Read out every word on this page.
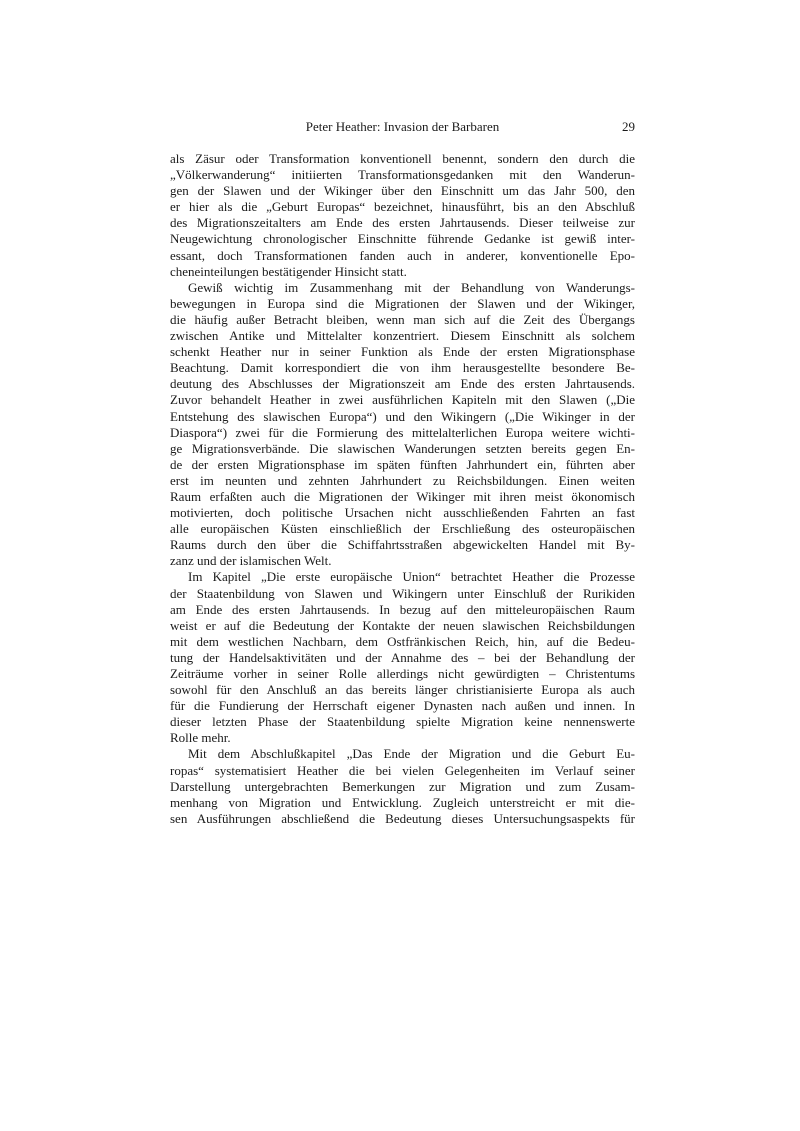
Peter Heather: Invasion der Barbaren	29
als Zäsur oder Transformation konventionell benennt, sondern den durch die
„Völkerwanderung“ initiierten Transformationsgedanken mit den Wanderun-
gen der Slawen und der Wikinger über den Einschnitt um das Jahr 500, den
er hier als die „Geburt Europas“ bezeichnet, hinausführt, bis an den Abschluß
des Migrationszeitalters am Ende des ersten Jahrtausends. Dieser teilweise zur
Neugewichtung chronologischer Einschnitte führende Gedanke ist gewiß inter-
essant, doch Transformationen fanden auch in anderer, konventionelle Epo-
cheneinteilungen bestätigender Hinsicht statt.
Gewiß wichtig im Zusammenhang mit der Behandlung von Wanderungs-
bewegungen in Europa sind die Migrationen der Slawen und der Wikinger,
die häufig außer Betracht bleiben, wenn man sich auf die Zeit des Übergangs
zwischen Antike und Mittelalter konzentriert. Diesem Einschnitt als solchem
schenkt Heather nur in seiner Funktion als Ende der ersten Migrationsphase
Beachtung. Damit korrespondiert die von ihm herausgestellte besondere Be-
deutung des Abschlusses der Migrationszeit am Ende des ersten Jahrtausends.
Zuvor behandelt Heather in zwei ausführlichen Kapiteln mit den Slawen („Die
Entstehung des slawischen Europa“) und den Wikingern („Die Wikinger in der
Diaspora“) zwei für die Formierung des mittelalterlichen Europa weitere wichti-
ge Migrationsverbände. Die slawischen Wanderungen setzten bereits gegen En-
de der ersten Migrationsphase im späten fünften Jahrhundert ein, führten aber
erst im neunten und zehnten Jahrhundert zu Reichsbildungen. Einen weiten
Raum erfaßten auch die Migrationen der Wikinger mit ihren meist ökonomisch
motivierten, doch politische Ursachen nicht ausschließenden Fahrten an fast
alle europäischen Küsten einschließlich der Erschließung des osteuropäischen
Raums durch den über die Schiffahrtsstraßen abgewickelten Handel mit By-
zanz und der islamischen Welt.
Im Kapitel „Die erste europäische Union“ betrachtet Heather die Prozesse
der Staatenbildung von Slawen und Wikingern unter Einschluß der Rurikiden
am Ende des ersten Jahrtausends. In bezug auf den mitteleuropäischen Raum
weist er auf die Bedeutung der Kontakte der neuen slawischen Reichsbildungen
mit dem westlichen Nachbarn, dem Ostfränkischen Reich, hin, auf die Bedeu-
tung der Handelsaktivitäten und der Annahme des – bei der Behandlung der
Zeiträume vorher in seiner Rolle allerdings nicht gewürdigten – Christentums
sowohl für den Anschluß an das bereits länger christianisierte Europa als auch
für die Fundierung der Herrschaft eigener Dynasten nach außen und innen. In
dieser letzten Phase der Staatenbildung spielte Migration keine nennenswerte
Rolle mehr.
Mit dem Abschlußkapitel „Das Ende der Migration und die Geburt Eu-
ropas“ systematisiert Heather die bei vielen Gelegenheiten im Verlauf seiner
Darstellung untergebrachten Bemerkungen zur Migration und zum Zusam-
menhang von Migration und Entwicklung. Zugleich unterstreicht er mit die-
sen Ausführungen abschließend die Bedeutung dieses Untersuchungsaspekts für
